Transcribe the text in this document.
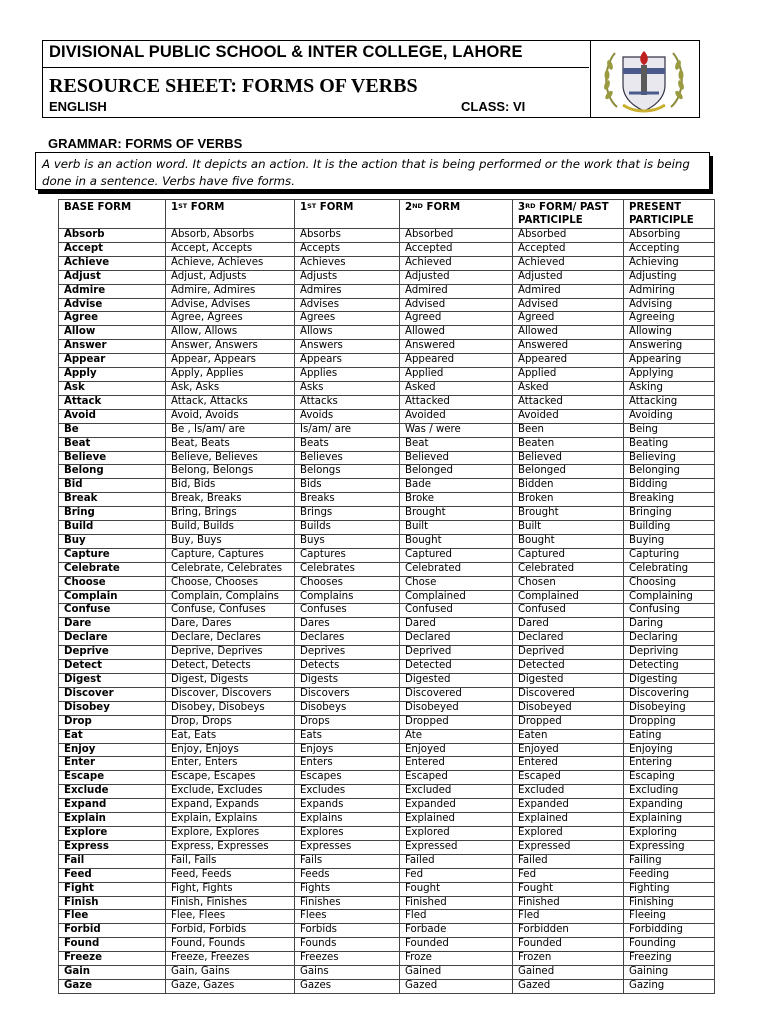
DIVISIONAL PUBLIC SCHOOL & INTER COLLEGE, LAHORE
RESOURCE SHEET: FORMS OF VERBS
ENGLISH	CLASS: VI
GRAMMAR: FORMS OF VERBS
A verb is an action word. It depicts an action. It is the action that is being performed or the work that is being done in a sentence. Verbs have five forms.
BASE FORM	1ST FORM	1ST FORM	2ND FORM	3RD FORM/ PAST PARTICIPLE	PRESENT PARTICIPLE
Absorb	Absorb, Absorbs	Absorbs	Absorbed	Absorbed	Absorbing
Accept	Accept, Accepts	Accepts	Accepted	Accepted	Accepting
Achieve	Achieve, Achieves	Achieves	Achieved	Achieved	Achieving
Adjust	Adjust, Adjusts	Adjusts	Adjusted	Adjusted	Adjusting
Admire	Admire, Admires	Admires	Admired	Admired	Admiring
Advise	Advise, Advises	Advises	Advised	Advised	Advising
Agree	Agree, Agrees	Agrees	Agreed	Agreed	Agreeing
Allow	Allow, Allows	Allows	Allowed	Allowed	Allowing
Answer	Answer, Answers	Answers	Answered	Answered	Answering
Appear	Appear, Appears	Appears	Appeared	Appeared	Appearing
Apply	Apply, Applies	Applies	Applied	Applied	Applying
Ask	Ask, Asks	Asks	Asked	Asked	Asking
Attack	Attack, Attacks	Attacks	Attacked	Attacked	Attacking
Avoid	Avoid, Avoids	Avoids	Avoided	Avoided	Avoiding
Be	Be , Is/am/ are	Is/am/ are	Was / were	Been	Being
Beat	Beat, Beats	Beats	Beat	Beaten	Beating
Believe	Believe, Believes	Believes	Believed	Believed	Believing
Belong	Belong, Belongs	Belongs	Belonged	Belonged	Belonging
Bid	Bid, Bids	Bids	Bade	Bidden	Bidding
Break	Break, Breaks	Breaks	Broke	Broken	Breaking
Bring	Bring, Brings	Brings	Brought	Brought	Bringing
Build	Build, Builds	Builds	Built	Built	Building
Buy	Buy, Buys	Buys	Bought	Bought	Buying
Capture	Capture, Captures	Captures	Captured	Captured	Capturing
Celebrate	Celebrate, Celebrates	Celebrates	Celebrated	Celebrated	Celebrating
Choose	Choose, Chooses	Chooses	Chose	Chosen	Choosing
Complain	Complain, Complains	Complains	Complained	Complained	Complaining
Confuse	Confuse, Confuses	Confuses	Confused	Confused	Confusing
Dare	Dare, Dares	Dares	Dared	Dared	Daring
Declare	Declare, Declares	Declares	Declared	Declared	Declaring
Deprive	Deprive, Deprives	Deprives	Deprived	Deprived	Depriving
Detect	Detect, Detects	Detects	Detected	Detected	Detecting
Digest	Digest, Digests	Digests	Digested	Digested	Digesting
Discover	Discover, Discovers	Discovers	Discovered	Discovered	Discovering
Disobey	Disobey, Disobeys	Disobeys	Disobeyed	Disobeyed	Disobeying
Drop	Drop, Drops	Drops	Dropped	Dropped	Dropping
Eat	Eat, Eats	Eats	Ate	Eaten	Eating
Enjoy	Enjoy, Enjoys	Enjoys	Enjoyed	Enjoyed	Enjoying
Enter	Enter, Enters	Enters	Entered	Entered	Entering
Escape	Escape, Escapes	Escapes	Escaped	Escaped	Escaping
Exclude	Exclude, Excludes	Excludes	Excluded	Excluded	Excluding
Expand	Expand, Expands	Expands	Expanded	Expanded	Expanding
Explain	Explain, Explains	Explains	Explained	Explained	Explaining
Explore	Explore, Explores	Explores	Explored	Explored	Exploring
Express	Express, Expresses	Expresses	Expressed	Expressed	Expressing
Fail	Fail, Fails	Fails	Failed	Failed	Failing
Feed	Feed, Feeds	Feeds	Fed	Fed	Feeding
Fight	Fight, Fights	Fights	Fought	Fought	Fighting
Finish	Finish, Finishes	Finishes	Finished	Finished	Finishing
Flee	Flee, Flees	Flees	Fled	Fled	Fleeing
Forbid	Forbid, Forbids	Forbids	Forbade	Forbidden	Forbidding
Found	Found, Founds	Founds	Founded	Founded	Founding
Freeze	Freeze, Freezes	Freezes	Froze	Frozen	Freezing
Gain	Gain, Gains	Gains	Gained	Gained	Gaining
Gaze	Gaze, Gazes	Gazes	Gazed	Gazed	Gazing
